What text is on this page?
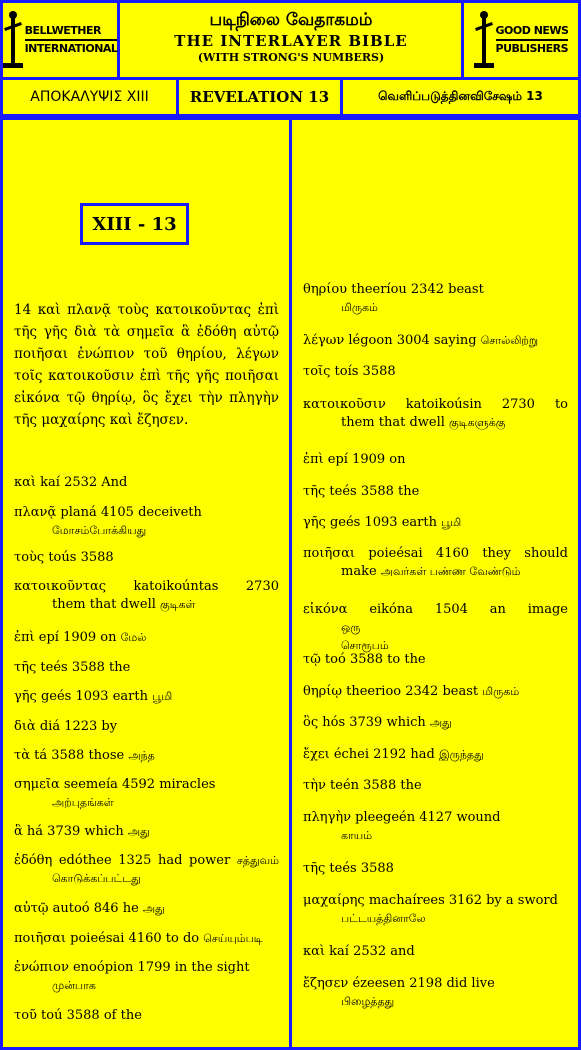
BELLWETHER
INTERNATIONAL
படிநிலை வேதாகமம்
THE INTERLAYER BIBLE
(WITH STRONG'S NUMBERS)
GOOD NEWS
PUBLISHERS
ΑΠΟΚΑΛΥΨΙΣ XIII	REVELATION 13	வெளிப்படுத்தினவிசேஷம் 13
XIII - 13
14 καὶ πλανᾷ τοὺς κατοικοῦντας ἐπὶ τῆς γῆς διὰ τὰ σημεῖα ἃ ἐδόθη αὐτῷ ποιῆσαι ἐνώπιον τοῦ θηρίου, λέγων τοῖς κατοικοῦσιν ἐπὶ τῆς γῆς ποιῆσαι εἰκόνα τῷ θηρίῳ, ὃς ἔχει τὴν πληγὴν τῆς μαχαίρης καὶ ἔζησεν.
καὶ kaí 2532 And
πλανᾷ planá 4105 deceiveth
மோசம்போக்கியது
τοὺς toús 3588
κατοικοῦντας katoikoúntas 2730
them that dwell குடிகள்
ἐπὶ epí 1909 on மேல்
τῆς teés 3588 the
γῆς geés 1093 earth பூமி
διὰ diá 1223 by
τὰ tá 3588 those அந்த
σημεῖα seemeía 4592 miracles
அற்புதங்கள்
ἃ há 3739 which அது
ἐδόθη edóthee 1325 had power சத்துவம்
கொடுக்கப்பட்டது
αὐτῷ autoó 846 he அது
ποιῆσαι poieésai 4160 to do செய்யும்படி
ἐνώπιον enoópion 1799 in the sight
முன்பாக
τοῦ toú 3588 of the
θηρίου theeríou 2342 beast
மிருகம்
λέγων légoon 3004 saying சொல்லிற்று
τοῖς toís 3588
κατοικοῦσιν katoikoúsin 2730 to
them that dwell குடிகளுக்கு
ἐπὶ epí 1909 on
τῆς teés 3588 the
γῆς geés 1093 earth பூமி
ποιῆσαι poieésai 4160 they should
make அவர்கள் பண்ண வேண்டும்
εἰκόνα eikóna 1504 an image
ஒரு
சொரூபம்
τῷ toó 3588 to the
θηρίῳ theerioo 2342 beast மிருகம்
ὃς hós 3739 which அது
ἔχει échei 2192 had இருந்தது
τὴν teén 3588 the
πληγὴν pleegeén 4127 wound
காயம்
τῆς teés 3588
μαχαίρης machaírees 3162 by a sword
பட்டயத்தினாலே
καὶ kaí 2532 and
ἔζησεν ézeesen 2198 did live
பிழைத்தது
